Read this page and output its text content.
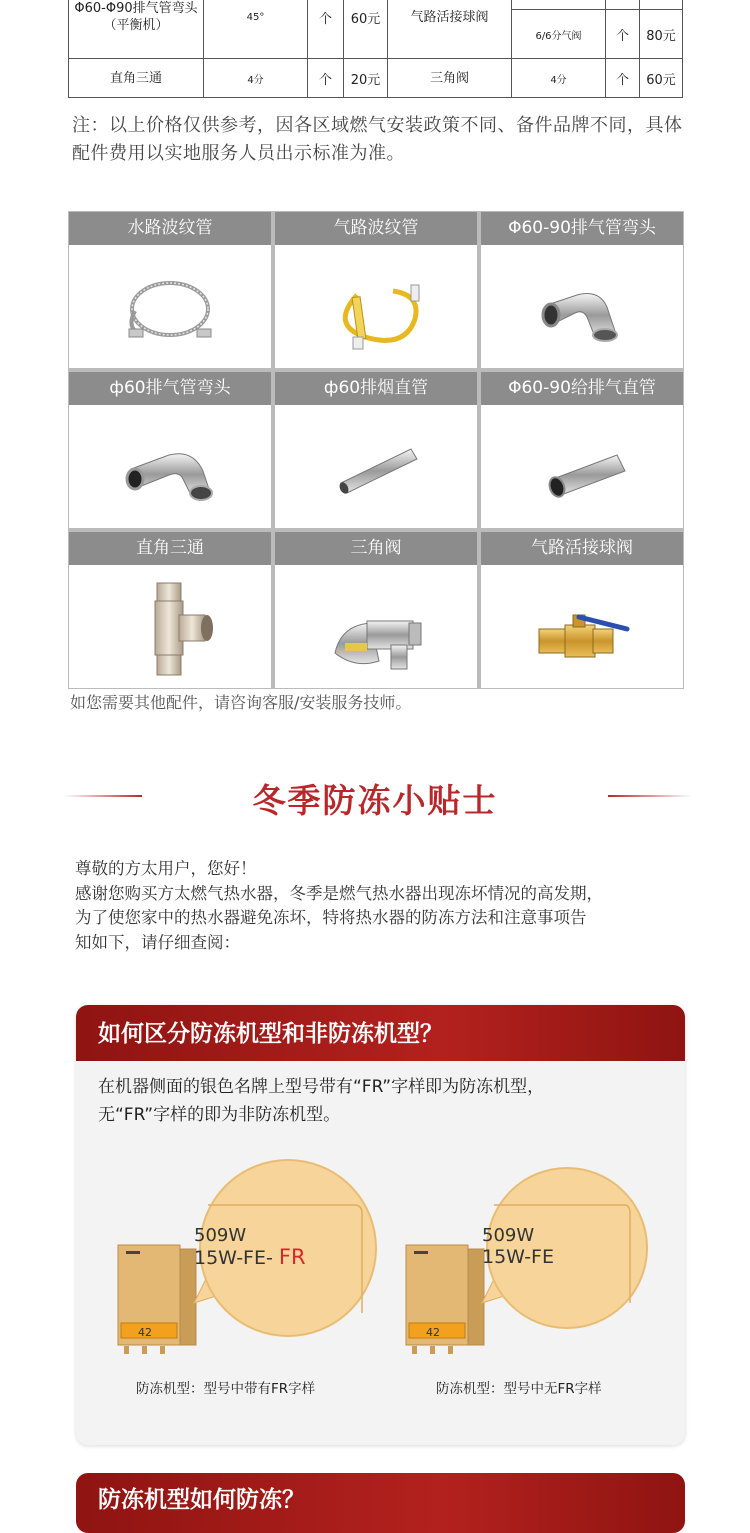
Φ60-Φ90排气管弯头（平衡机）	45°	个	60元	气路活接球阀			
					6/6分气阀	个	80元
直角三通	4分	个	20元	三角阀	4分	个	60元
注：以上价格仅供参考，因各区域燃气安装政策不同、备件品牌不同，具体配件费用以实地服务人员出示标准为准。
水路波纹管	气路波纹管	Φ60-90排气管弯头
ф60排气管弯头	ф60排烟直管	Φ60-90给排气直管
直角三通	三角阀	气路活接球阀
如您需要其他配件，请咨询客服/安装服务技师。
冬季防冻小贴士
尊敬的方太用户，您好！
感谢您购买方太燃气热水器，冬季是燃气热水器出现冻坏情况的高发期，
为了使您家中的热水器避免冻坏，特将热水器的防冻方法和注意事项告
知如下，请仔细查阅：
如何区分防冻机型和非防冻机型？
在机器侧面的银色名牌上型号带有“FR”字样即为防冻机型，
无“FR”字样的即为非防冻机型。
509W
15W-FE- FR
42
防冻机型：型号中带有FR字样
509W
15W-FE
42
防冻机型：型号中无FR字样
防冻机型如何防冻？
